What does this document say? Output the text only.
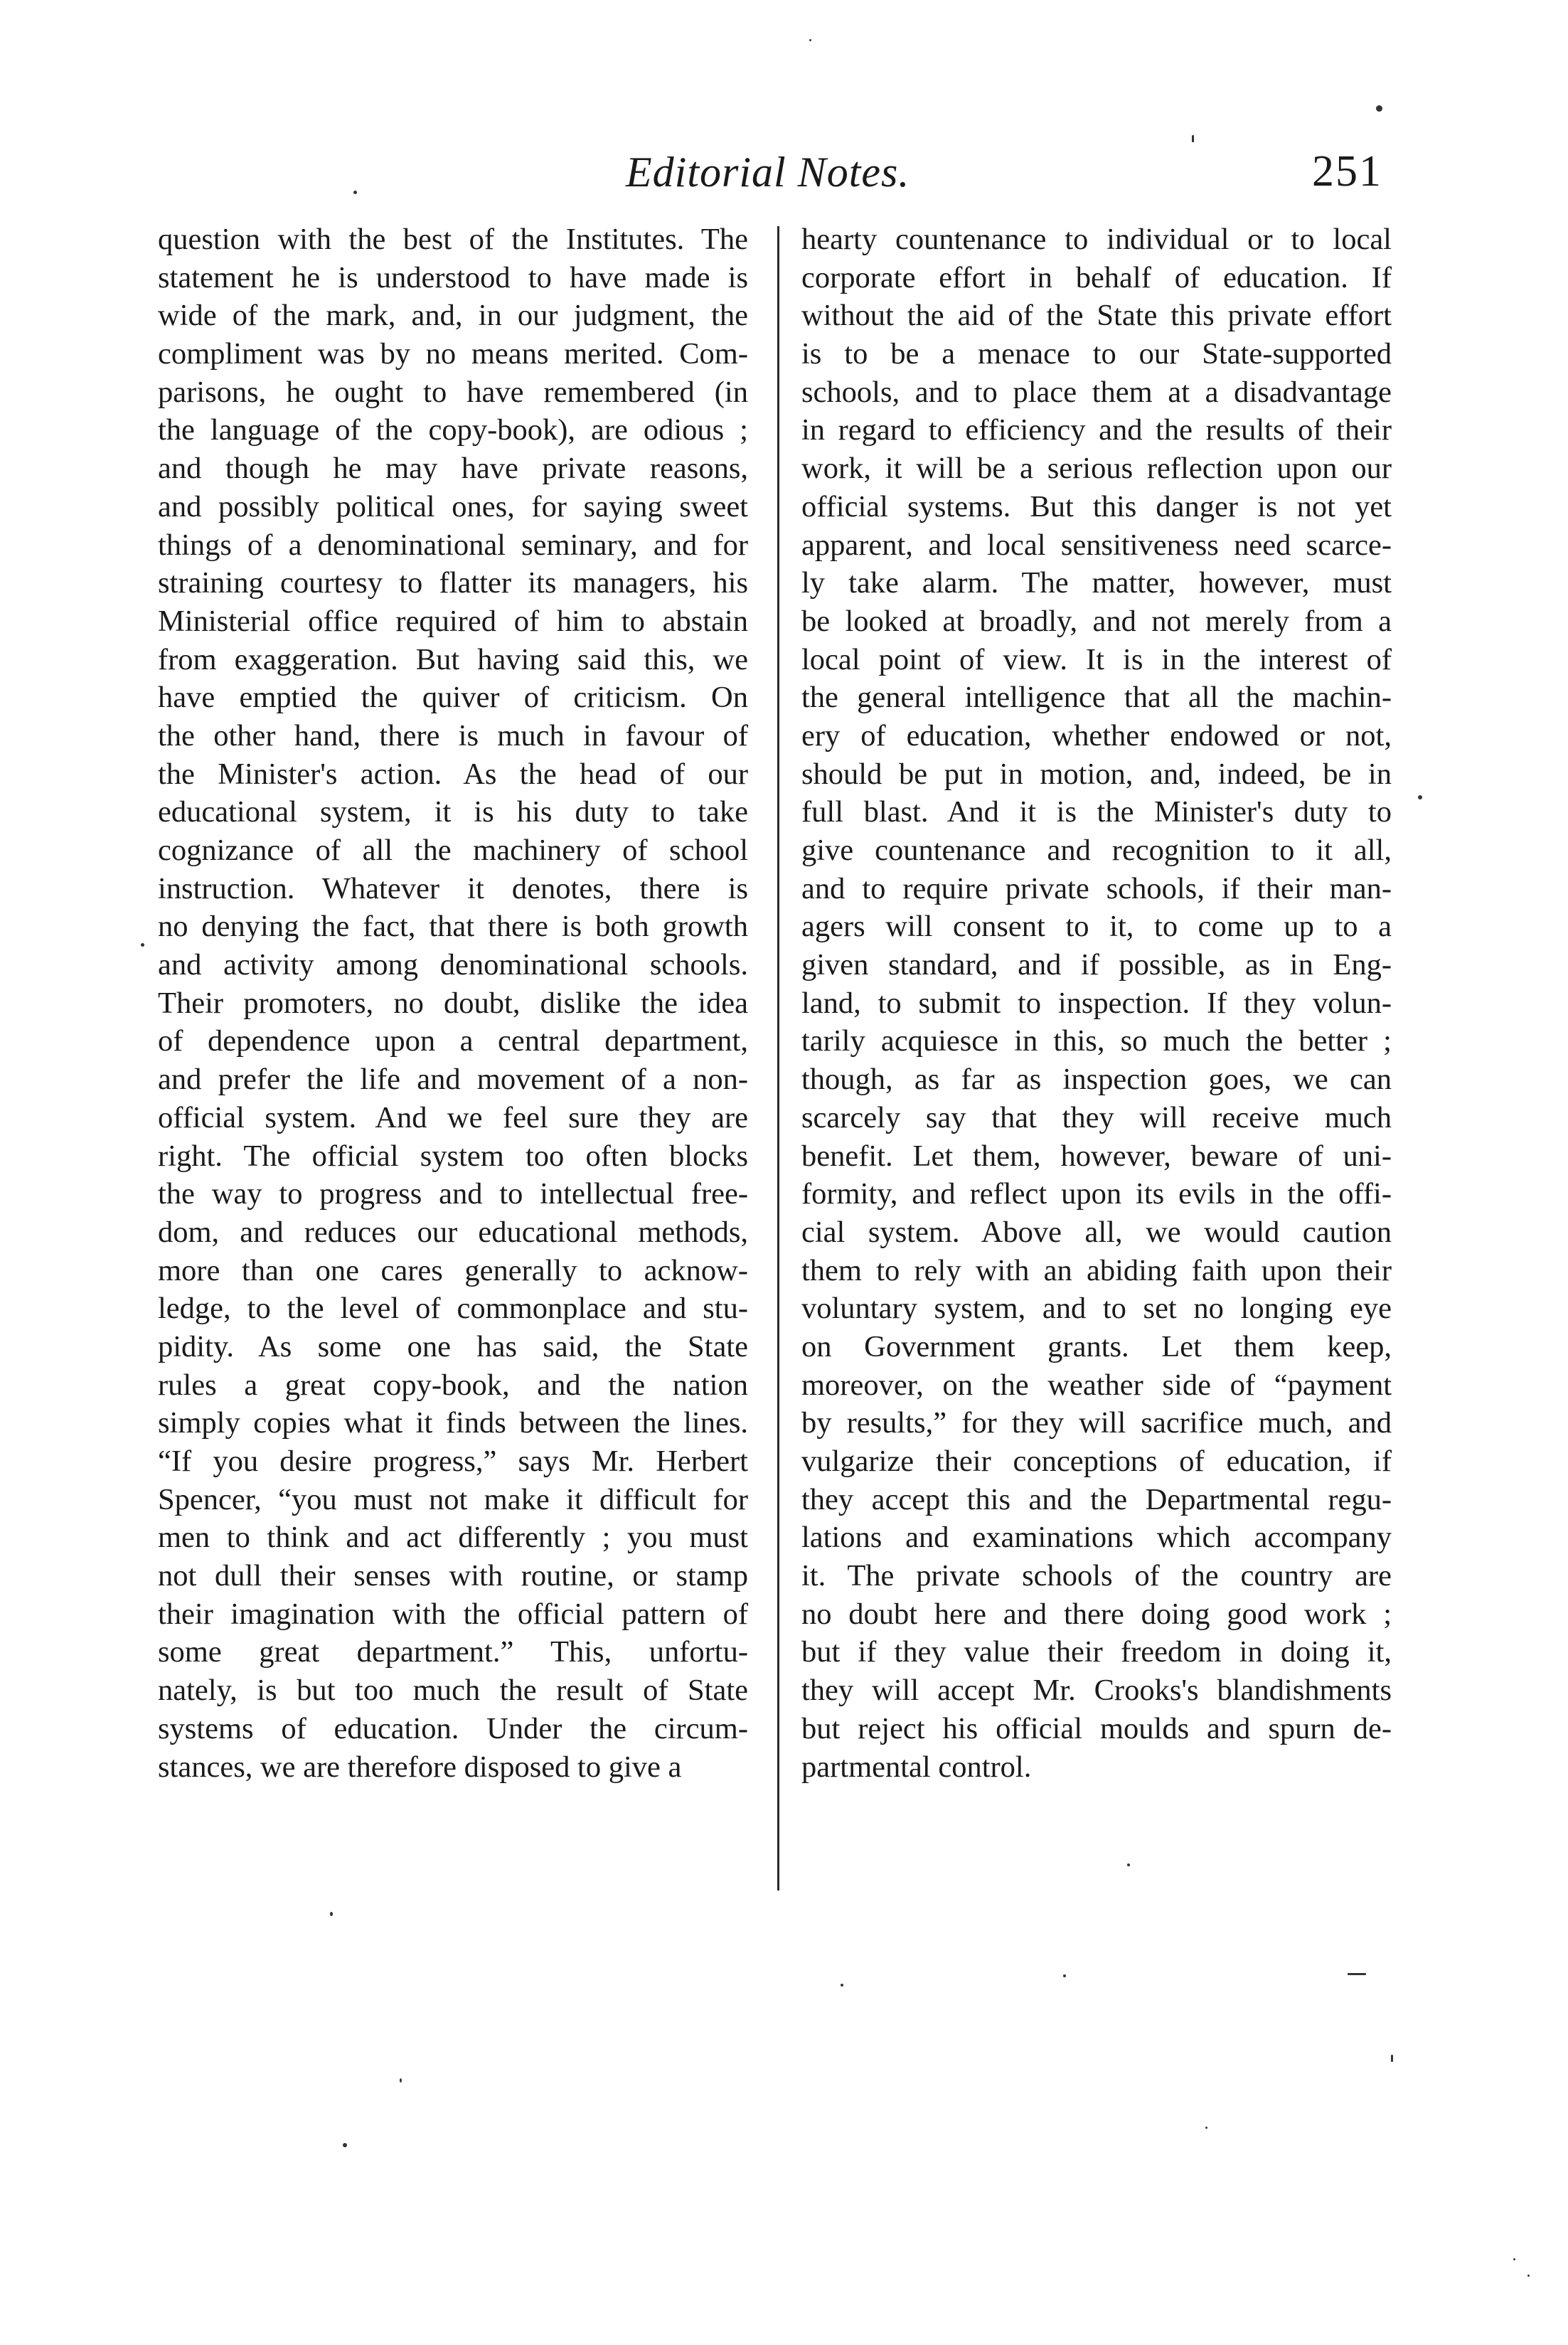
Editorial Notes.	251
question with the best of the Institutes. The
statement he is understood to have made is
wide of the mark, and, in our judgment, the
compliment was by no means merited. Com-
parisons, he ought to have remembered (in
the language of the copy-book), are odious ;
and though he may have private reasons,
and possibly political ones, for saying sweet
things of a denominational seminary, and for
straining courtesy to flatter its managers, his
Ministerial office required of him to abstain
from exaggeration. But having said this, we
have emptied the quiver of criticism. On
the other hand, there is much in favour of
the Minister's action. As the head of our
educational system, it is his duty to take
cognizance of all the machinery of school
instruction. Whatever it denotes, there is
no denying the fact, that there is both growth
and activity among denominational schools.
Their promoters, no doubt, dislike the idea
of dependence upon a central department,
and prefer the life and movement of a non-
official system. And we feel sure they are
right. The official system too often blocks
the way to progress and to intellectual free-
dom, and reduces our educational methods,
more than one cares generally to acknow-
ledge, to the level of commonplace and stu-
pidity. As some one has said, the State
rules a great copy-book, and the nation
simply copies what it finds between the lines.
“If you desire progress,” says Mr. Herbert
Spencer, “you must not make it difficult for
men to think and act differently ; you must
not dull their senses with routine, or stamp
their imagination with the official pattern of
some great department.” This, unfortu-
nately, is but too much the result of State
systems of education. Under the circum-
stances, we are therefore disposed to give a
hearty countenance to individual or to local
corporate effort in behalf of education. If
without the aid of the State this private effort
is to be a menace to our State-supported
schools, and to place them at a disadvantage
in regard to efficiency and the results of their
work, it will be a serious reflection upon our
official systems. But this danger is not yet
apparent, and local sensitiveness need scarce-
ly take alarm. The matter, however, must
be looked at broadly, and not merely from a
local point of view. It is in the interest of
the general intelligence that all the machin-
ery of education, whether endowed or not,
should be put in motion, and, indeed, be in
full blast. And it is the Minister's duty to
give countenance and recognition to it all,
and to require private schools, if their man-
agers will consent to it, to come up to a
given standard, and if possible, as in Eng-
land, to submit to inspection. If they volun-
tarily acquiesce in this, so much the better ;
though, as far as inspection goes, we can
scarcely say that they will receive much
benefit. Let them, however, beware of uni-
formity, and reflect upon its evils in the offi-
cial system. Above all, we would caution
them to rely with an abiding faith upon their
voluntary system, and to set no longing eye
on Government grants. Let them keep,
moreover, on the weather side of “payment
by results,” for they will sacrifice much, and
vulgarize their conceptions of education, if
they accept this and the Departmental regu-
lations and examinations which accompany
it. The private schools of the country are
no doubt here and there doing good work ;
but if they value their freedom in doing it,
they will accept Mr. Crooks's blandishments
but reject his official moulds and spurn de-
partmental control.
